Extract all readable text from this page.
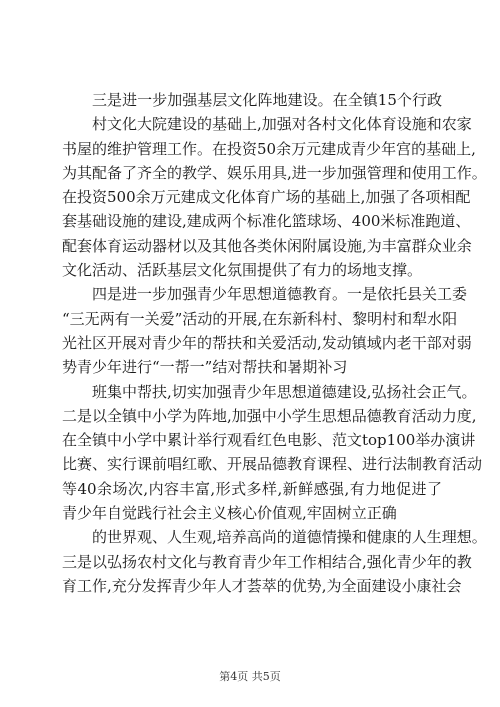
三是进一步加强基层文化阵地建设。在全镇15个行政
村文化大院建设的基础上,加强对各村文化体育设施和农家
书屋的维护管理工作。在投资50余万元建成青少年宫的基础上,
为其配备了齐全的教学、娱乐用具,进一步加强管理和使用工作。
在投资500余万元建成文化体育广场的基础上,加强了各项相配
套基础设施的建设,建成两个标准化篮球场、400米标准跑道、
配套体育运动器材以及其他各类休闲附属设施,为丰富群众业余
文化活动、活跃基层文化氛围提供了有力的场地支撑。
四是进一步加强青少年思想道德教育。一是依托县关工委
“三无两有一关爱”活动的开展,在东新科村、黎明村和犁水阳
光社区开展对青少年的帮扶和关爱活动,发动镇域内老干部对弱
势青少年进行“一帮一”结对帮扶和暑期补习
班集中帮扶,切实加强青少年思想道德建设,弘扬社会正气。
二是以全镇中小学为阵地,加强中小学生思想品德教育活动力度,
在全镇中小学中累计举行观看红色电影、范文top100举办演讲
比赛、实行课前唱红歌、开展品德教育课程、进行法制教育活动
等40余场次,内容丰富,形式多样,新鲜感强,有力地促进了
青少年自觉践行社会主义核心价值观,牢固树立正确
的世界观、人生观,培养高尚的道德情操和健康的人生理想。
三是以弘扬农村文化与教育青少年工作相结合,强化青少年的教
育工作,充分发挥青少年人才荟萃的优势,为全面建设小康社会
第4页 共5页
